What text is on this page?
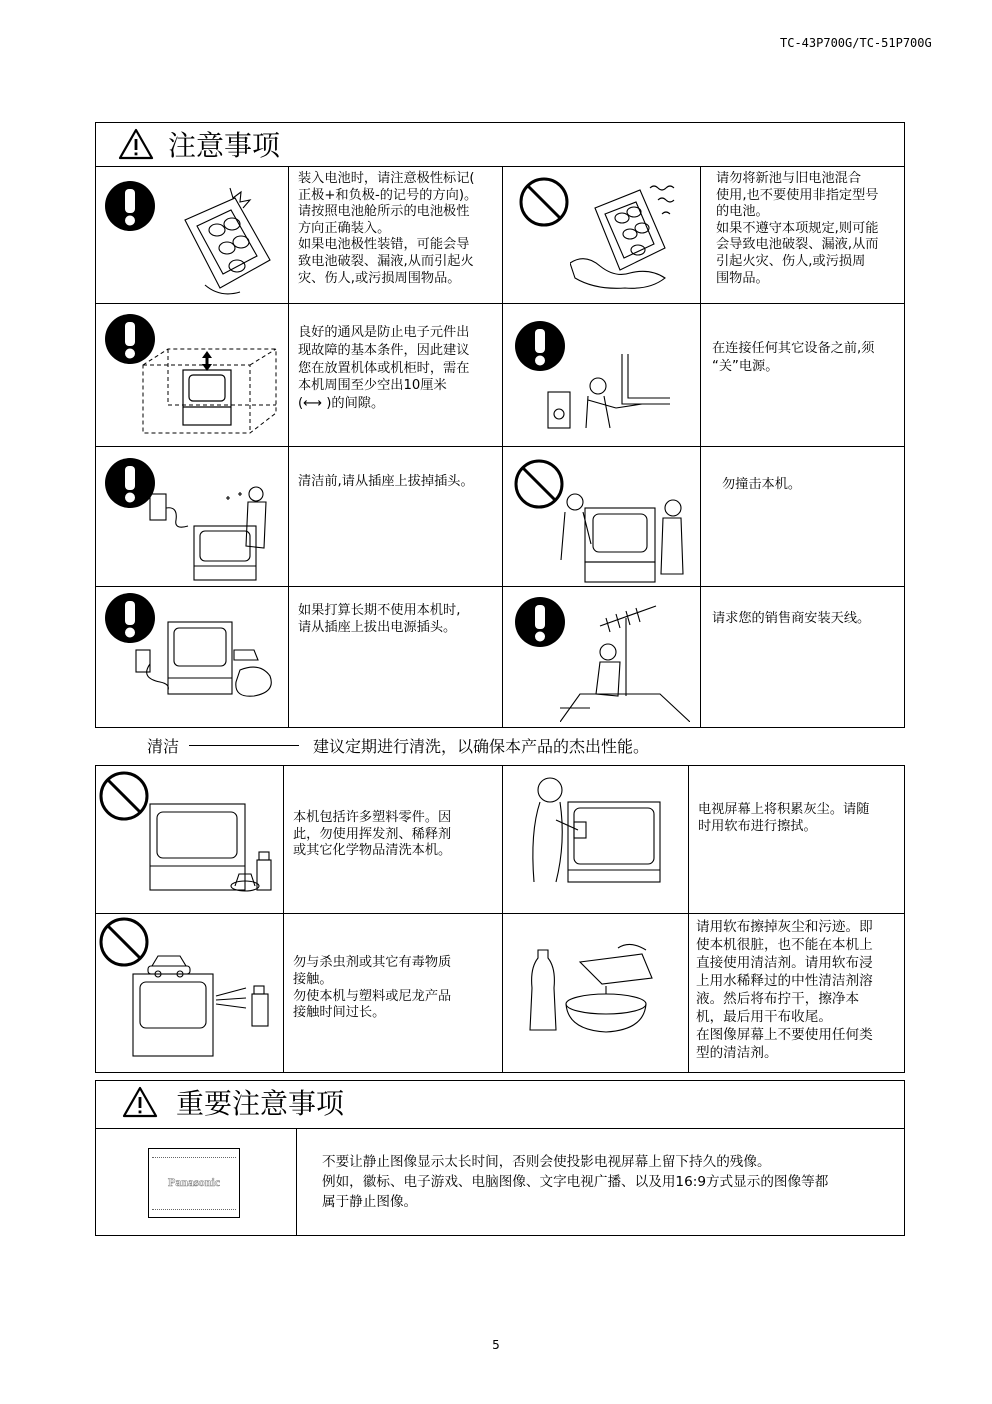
TC-43P700G/TC-51P700G
5
注意事项
装入电池时，请注意极性标记(
正极+和负极-的记号的方向)。
请按照电池舱所示的电池极性
方向正确装入。
如果电池极性装错，可能会导
致电池破裂、漏液,从而引起火
灾、伤人,或污损周围物品。
请勿将新池与旧电池混合
使用,也不要使用非指定型号
的电池。
如果不遵守本项规定,则可能
会导致电池破裂、漏液,从而
引起火灾、伤人,或污损周
围物品。
良好的通风是防止电子元件出
现故障的基本条件，因此建议
您在放置机体或机柜时，需在
本机周围至少空出10厘米
(⟷ )的间隙。
在连接任何其它设备之前,须
“关”电源。
清洁前,请从插座上拔掉插头。	勿撞击本机。
如果打算长期不使用本机时,
请从插座上拔出电源插头。
请求您的销售商安装天线。
清洁	建议定期进行清洗，以确保本产品的杰出性能。
本机包括许多塑料零件。因
此，勿使用挥发剂、稀释剂
或其它化学物品清洗本机。
电视屏幕上将积累灰尘。请随
时用软布进行擦拭。
勿与杀虫剂或其它有毒物质
接触。
勿使本机与塑料或尼龙产品
接触时间过长。
请用软布擦掉灰尘和污迹。即
使本机很脏，也不能在本机上
直接使用清洁剂。请用软布浸
上用水稀释过的中性清洁剂溶
液。然后将布拧干，擦净本
机，最后用干布收尾。
在图像屏幕上不要使用任何类
型的清洁剂。
重要注意事项
Panasonic
不要让静止图像显示太长时间，否则会使投影电视屏幕上留下持久的残像。
例如，徽标、电子游戏、电脑图像、文字电视广播、以及用16:9方式显示的图像等都
属于静止图像。
